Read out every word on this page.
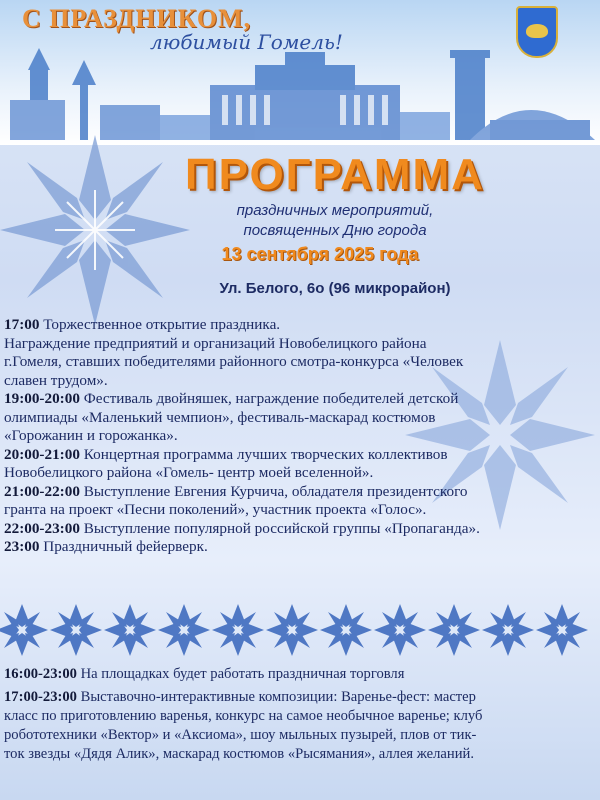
С ПРАЗДНИКОМ,
любимый Гомель!
ПРОГРАММА
праздничных мероприятий,
посвященных Дню города
13 сентября 2025 года
Ул. Белого, 6о (96 микрорайон)
17:00 Торжественное открытие праздника.
Награждение предприятий и организаций Новобелицкого района
г.Гомеля, ставших победителями районного смотра-конкурса «Человек
славен трудом».
19:00-20:00 Фестиваль двойняшек, награждение победителей детской
олимпиады «Маленький чемпион», фестиваль-маскарад костюмов
«Горожанин и горожанка».
20:00-21:00 Концертная программа лучших творческих коллективов
Новобелицкого района «Гомель- центр моей вселенной».
21:00-22:00 Выступление Евгения Курчича, обладателя президентского
гранта на проект «Песни поколений», участник проекта «Голос».
22:00-23:00 Выступление популярной российской группы «Пропаганда».
23:00 Праздничный фейерверк.
16:00-23:00 На площадках будет работать праздничная торговля
17:00-23:00 Выставочно-интерактивные композиции: Варенье-фест: мастер
класс по приготовлению варенья, конкурс на самое необычное варенье; клуб
робототехники «Вектор» и «Аксиома», шоу мыльных пузырей, плов от тик-
ток звезды «Дядя Алик», маскарад костюмов «Рысямания», аллея желаний.
